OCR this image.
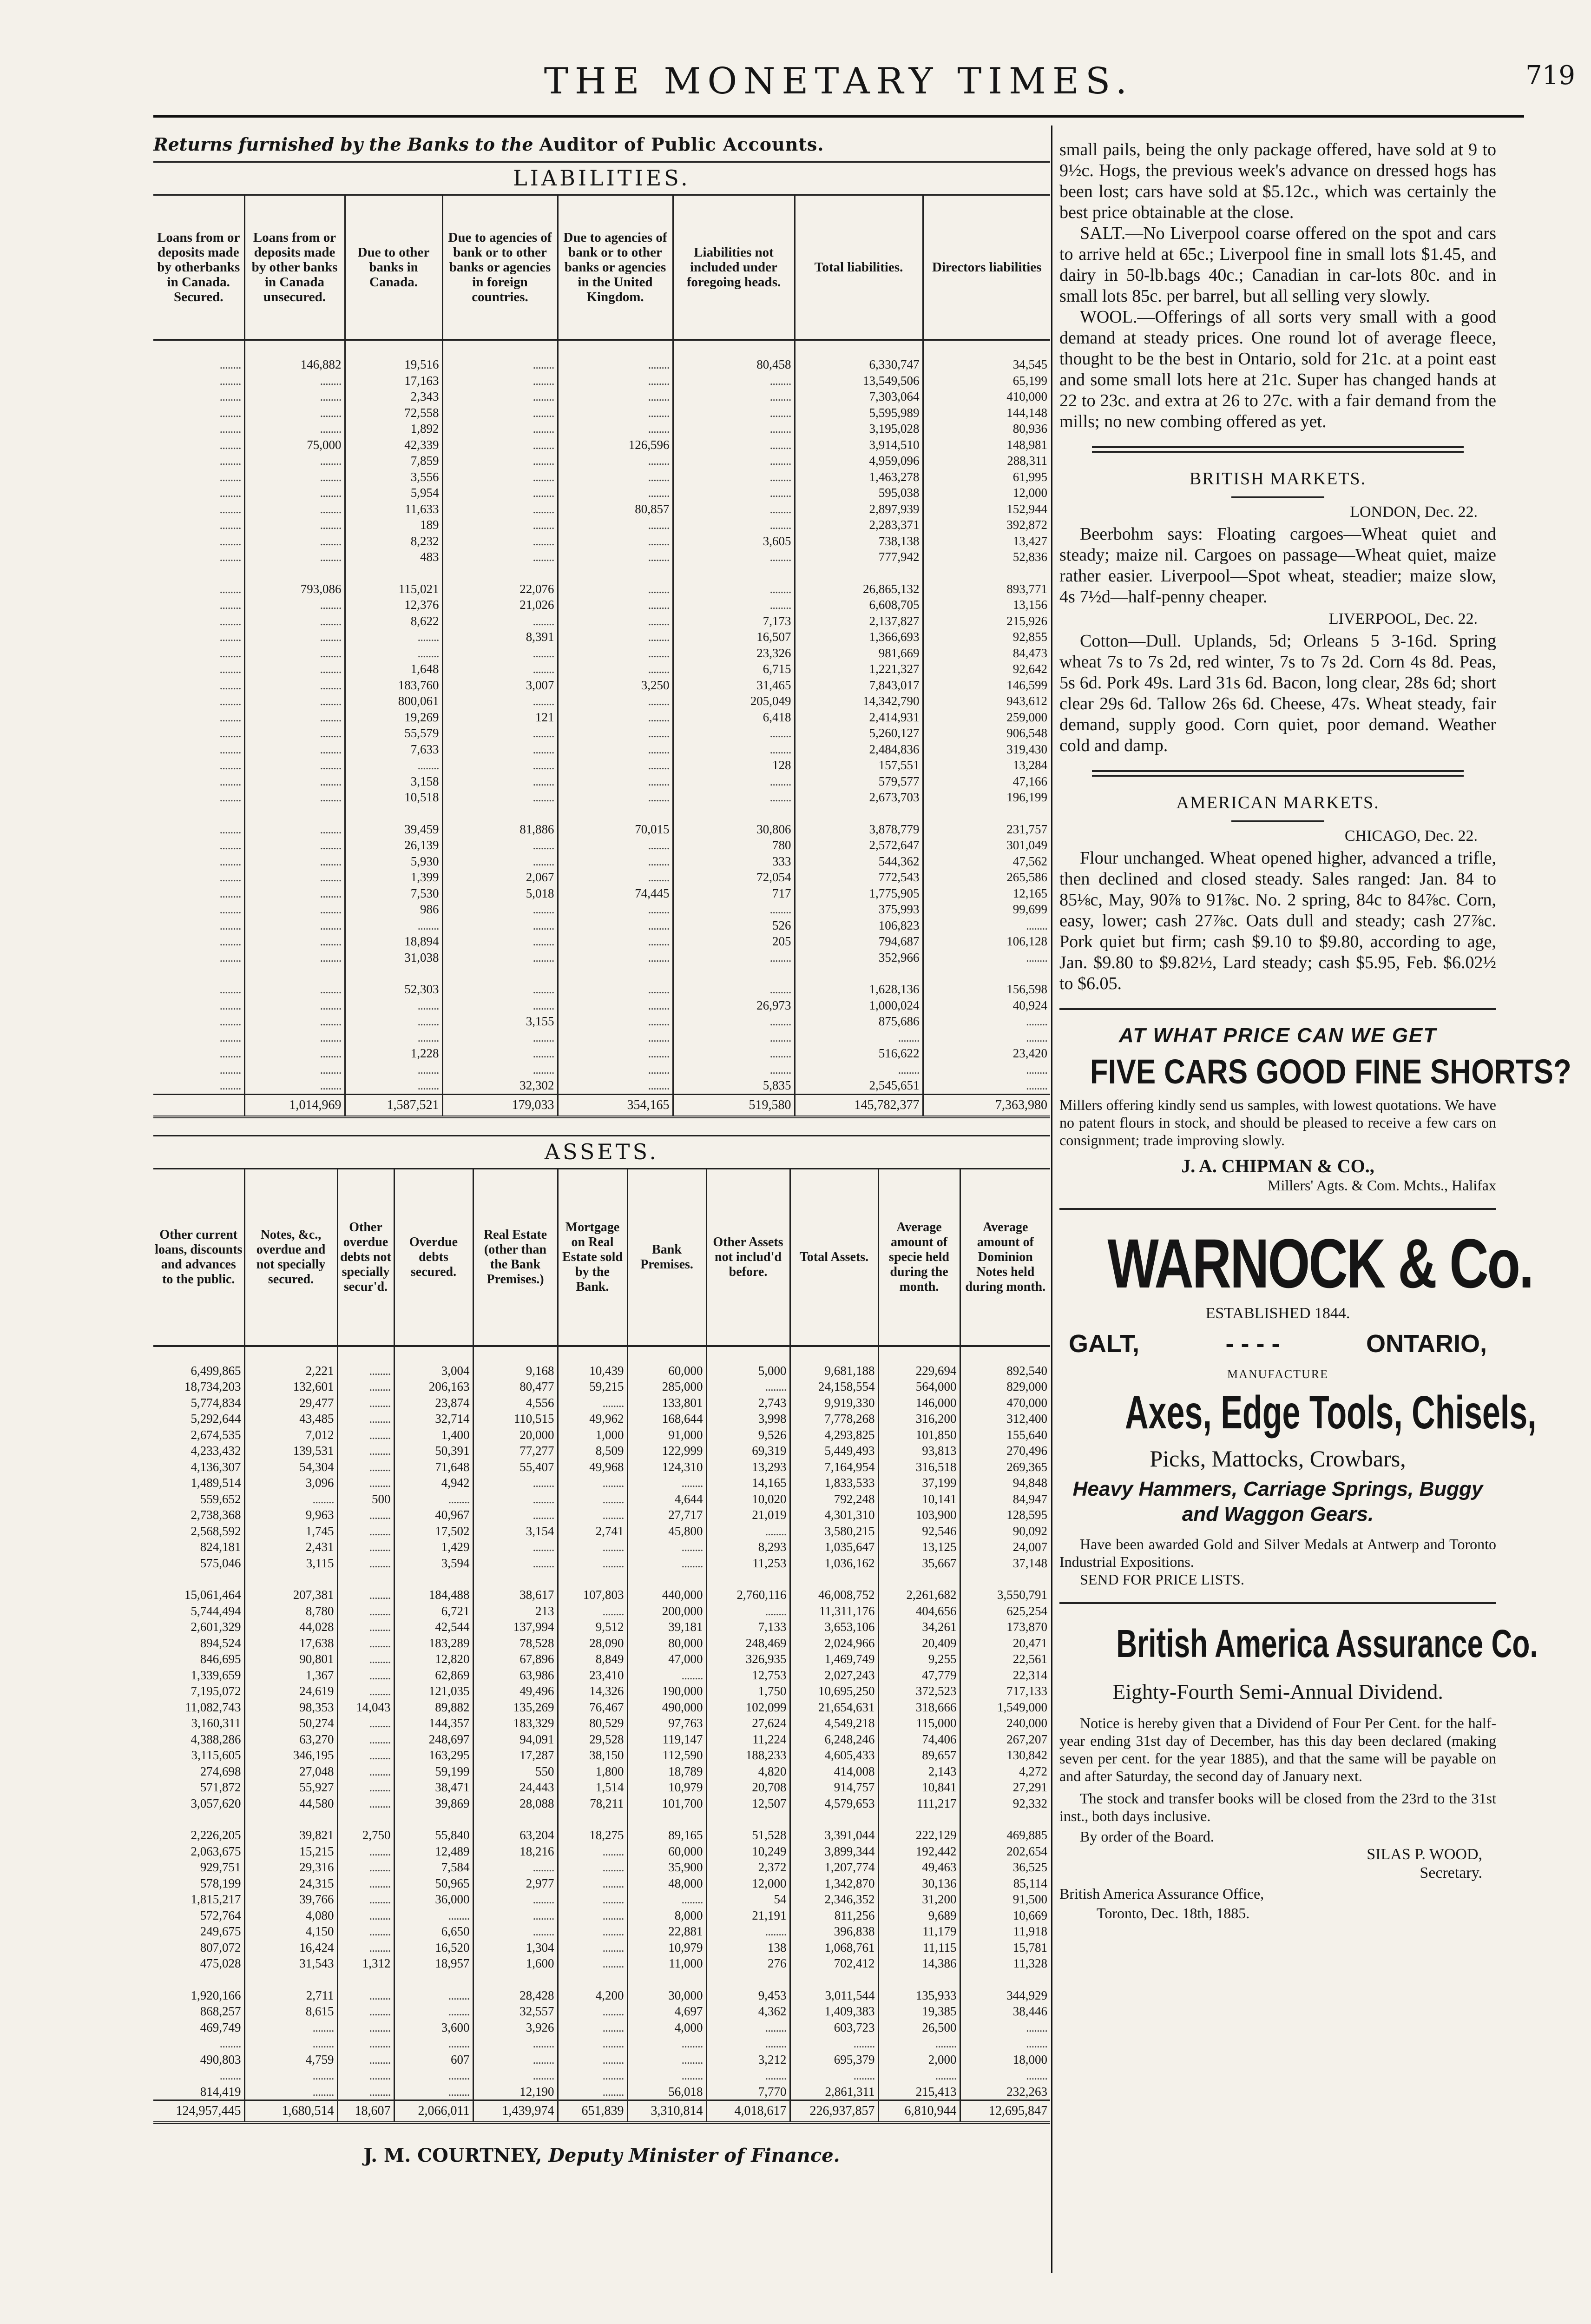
THE MONETARY TIMES.	719
Returns furnished by the Banks to the Auditor of Public Accounts.
LIABILITIES.
Loans from or deposits made by otherbanks in Canada. Secured.	Loans from or deposits made by other banks in Canada unsecured.	Due to other banks in Canada.	Due to agencies of bank or to other banks or agencies in foreign countries.	Due to agencies of bank or to other banks or agencies in the United Kingdom.	Liabilities not included under foregoing heads.	Total liabilities.	Directors liabilities

........	146,882	19,516	........	........	80,458	6,330,747	34,545
........	........	17,163	........	........	........	13,549,506	65,199
........	........	2,343	........	........	........	7,303,064	410,000
........	........	72,558	........	........	........	5,595,989	144,148
........	........	1,892	........	........	........	3,195,028	80,936
........	75,000	42,339	........	126,596	........	3,914,510	148,981
........	........	7,859	........	........	........	4,959,096	288,311
........	........	3,556	........	........	........	1,463,278	61,995
........	........	5,954	........	........	........	595,038	12,000
........	........	11,633	........	80,857	........	2,897,939	152,944
........	........	189	........	........	........	2,283,371	392,872
........	........	8,232	........	........	3,605	738,138	13,427
........	........	483	........	........	........	777,942	52,836

........	793,086	115,021	22,076	........	........	26,865,132	893,771
........	........	12,376	21,026	........	........	6,608,705	13,156
........	........	8,622	........	........	7,173	2,137,827	215,926
........	........	........	8,391	........	16,507	1,366,693	92,855
........	........	........	........	........	23,326	981,669	84,473
........	........	1,648	........	........	6,715	1,221,327	92,642
........	........	183,760	3,007	3,250	31,465	7,843,017	146,599
........	........	800,061	........	........	205,049	14,342,790	943,612
........	........	19,269	121	........	6,418	2,414,931	259,000
........	........	55,579	........	........	........	5,260,127	906,548
........	........	7,633	........	........	........	2,484,836	319,430
........	........	........	........	........	128	157,551	13,284
........	........	3,158	........	........	........	579,577	47,166
........	........	10,518	........	........	........	2,673,703	196,199

........	........	39,459	81,886	70,015	30,806	3,878,779	231,757
........	........	26,139	........	........	780	2,572,647	301,049
........	........	5,930	........	........	333	544,362	47,562
........	........	1,399	2,067	........	72,054	772,543	265,586
........	........	7,530	5,018	74,445	717	1,775,905	12,165
........	........	986	........	........	........	375,993	99,699
........	........	........	........	........	526	106,823	........
........	........	18,894	........	........	205	794,687	106,128
........	........	31,038	........	........	........	352,966	........

........	........	52,303	........	........	........	1,628,136	156,598
........	........	........	........	........	26,973	1,000,024	40,924
........	........	........	3,155	........	........	875,686	........
........	........	........	........	........	........	........	........
........	........	1,228	........	........	........	516,622	23,420
........	........	........	........	........	........	........	........
........	........	........	32,302	........	5,835	2,545,651	........
	1,014,969	1,587,521	179,033	354,165	519,580	145,782,377	7,363,980
ASSETS.
Other current loans, discounts and advances to the public.	Notes, &c., overdue and not specially secured.	Other overdue debts not specially secur'd.	Overdue debts secured.	Real Estate (other than the Bank Premises.)	Mortgage on Real Estate sold by the Bank.	Bank Premises.	Other Assets not includ'd before.	Total Assets.	Average amount of specie held during the month.	Average amount of Dominion Notes held during month.

6,499,865	2,221	........	3,004	9,168	10,439	60,000	5,000	9,681,188	229,694	892,540
18,734,203	132,601	........	206,163	80,477	59,215	285,000	........	24,158,554	564,000	829,000
5,774,834	29,477	........	23,874	4,556	........	133,801	2,743	9,919,330	146,000	470,000
5,292,644	43,485	........	32,714	110,515	49,962	168,644	3,998	7,778,268	316,200	312,400
2,674,535	7,012	........	1,400	20,000	1,000	91,000	9,526	4,293,825	101,850	155,640
4,233,432	139,531	........	50,391	77,277	8,509	122,999	69,319	5,449,493	93,813	270,496
4,136,307	54,304	........	71,648	55,407	49,968	124,310	13,293	7,164,954	316,518	269,365
1,489,514	3,096	........	4,942	........	........	........	14,165	1,833,533	37,199	94,848
559,652	........	500	........	........	........	4,644	10,020	792,248	10,141	84,947
2,738,368	9,963	........	40,967	........	........	27,717	21,019	4,301,310	103,900	128,595
2,568,592	1,745	........	17,502	3,154	2,741	45,800	........	3,580,215	92,546	90,092
824,181	2,431	........	1,429	........	........	........	8,293	1,035,647	13,125	24,007
575,046	3,115	........	3,594	........	........	........	11,253	1,036,162	35,667	37,148

15,061,464	207,381	........	184,488	38,617	107,803	440,000	2,760,116	46,008,752	2,261,682	3,550,791
5,744,494	8,780	........	6,721	213	........	200,000	........	11,311,176	404,656	625,254
2,601,329	44,028	........	42,544	137,994	9,512	39,181	7,133	3,653,106	34,261	173,870
894,524	17,638	........	183,289	78,528	28,090	80,000	248,469	2,024,966	20,409	20,471
846,695	90,801	........	12,820	67,896	8,849	47,000	326,935	1,469,749	9,255	22,561
1,339,659	1,367	........	62,869	63,986	23,410	........	12,753	2,027,243	47,779	22,314
7,195,072	24,619	........	121,035	49,496	14,326	190,000	1,750	10,695,250	372,523	717,133
11,082,743	98,353	14,043	89,882	135,269	76,467	490,000	102,099	21,654,631	318,666	1,549,000
3,160,311	50,274	........	144,357	183,329	80,529	97,763	27,624	4,549,218	115,000	240,000
4,388,286	63,270	........	248,697	94,091	29,528	119,147	11,224	6,248,246	74,406	267,207
3,115,605	346,195	........	163,295	17,287	38,150	112,590	188,233	4,605,433	89,657	130,842
274,698	27,048	........	59,199	550	1,800	18,789	4,820	414,008	2,143	4,272
571,872	55,927	........	38,471	24,443	1,514	10,979	20,708	914,757	10,841	27,291
3,057,620	44,580	........	39,869	28,088	78,211	101,700	12,507	4,579,653	111,217	92,332

2,226,205	39,821	2,750	55,840	63,204	18,275	89,165	51,528	3,391,044	222,129	469,885
2,063,675	15,215	........	12,489	18,216	........	60,000	10,249	3,899,344	192,442	202,654
929,751	29,316	........	7,584	........	........	35,900	2,372	1,207,774	49,463	36,525
578,199	24,315	........	50,965	2,977	........	48,000	12,000	1,342,870	30,136	85,114
1,815,217	39,766	........	36,000	........	........	........	54	2,346,352	31,200	91,500
572,764	4,080	........	........	........	........	8,000	21,191	811,256	9,689	10,669
249,675	4,150	........	6,650	........	........	22,881	........	396,838	11,179	11,918
807,072	16,424	........	16,520	1,304	........	10,979	138	1,068,761	11,115	15,781
475,028	31,543	1,312	18,957	1,600	........	11,000	276	702,412	14,386	11,328

1,920,166	2,711	........	........	28,428	4,200	30,000	9,453	3,011,544	135,933	344,929
868,257	8,615	........	........	32,557	........	4,697	4,362	1,409,383	19,385	38,446
469,749	........	........	3,600	3,926	........	4,000	........	603,723	26,500	........
........	........	........	........	........	........	........	........	........	........	........
490,803	4,759	........	607	........	........	........	3,212	695,379	2,000	18,000
........	........	........	........	........	........	........	........	........	........	........
814,419	........	........	........	12,190	........	56,018	7,770	2,861,311	215,413	232,263
124,957,445	1,680,514	18,607	2,066,011	1,439,974	651,839	3,310,814	4,018,617	226,937,857	6,810,944	12,695,847
J. M. COURTNEY, Deputy Minister of Finance.

small pails, being the only package offered, have sold at 9 to 9½c. Hogs, the previous week's advance on dressed hogs has been lost; cars have sold at $5.12c., which was certainly the best price obtainable at the close.

SALT.—No Liverpool coarse offered on the spot and cars to arrive held at 65c.; Liverpool fine in small lots $1.45, and dairy in 50-lb.bags 40c.; Canadian in car-lots 80c. and in small lots 85c. per barrel, but all selling very slowly.

WOOL.—Offerings of all sorts very small with a good demand at steady prices. One round lot of average fleece, thought to be the best in Ontario, sold for 21c. at a point east and some small lots here at 21c. Super has changed hands at 22 to 23c. and extra at 26 to 27c. with a fair demand from the mills; no new combing offered as yet.

BRITISH MARKETS.
LONDON, Dec. 22.

Beerbohm says: Floating cargoes—Wheat quiet and steady; maize nil. Cargoes on passage—Wheat quiet, maize rather easier. Liverpool—Spot wheat, steadier; maize slow, 4s 7½d—half-penny cheaper.

LIVERPOOL, Dec. 22.

Cotton—Dull. Uplands, 5d; Orleans 5 3-16d. Spring wheat 7s to 7s 2d, red winter, 7s to 7s 2d. Corn 4s 8d. Peas, 5s 6d. Pork 49s. Lard 31s 6d. Bacon, long clear, 28s 6d; short clear 29s 6d. Tallow 26s 6d. Cheese, 47s. Wheat steady, fair demand, supply good. Corn quiet, poor demand. Weather cold and damp.

AMERICAN MARKETS.
CHICAGO, Dec. 22.

Flour unchanged. Wheat opened higher, advanced a trifle, then declined and closed steady. Sales ranged: Jan. 84 to 85⅛c, May, 90⅞ to 91⅞c. No. 2 spring, 84c to 84⅞c. Corn, easy, lower; cash 27⅞c. Oats dull and steady; cash 27⅞c. Pork quiet but firm; cash $9.10 to $9.80, according to age, Jan. $9.80 to $9.82½, Lard steady; cash $5.95, Feb. $6.02½ to $6.05.

AT WHAT PRICE CAN WE GET
FIVE CARS GOOD FINE SHORTS?

Millers offering kindly send us samples, with lowest quotations. We have no patent flours in stock, and should be pleased to receive a few cars on consignment; trade improving slowly.

J. A. CHIPMAN & CO.,

Millers' Agts. & Com. Mchts., Halifax

WARNOCK & Co.

ESTABLISHED 1844.

GALT,	- - - -	ONTARIO,

MANUFACTURE

Axes, Edge Tools, Chisels,
Picks, Mattocks, Crowbars,
Heavy Hammers, Carriage Springs, Buggy and Waggon Gears.

Have been awarded Gold and Silver Medals at Antwerp and Toronto Industrial Expositions.

SEND FOR PRICE LISTS.

British America Assurance Co.
Eighty-Fourth Semi-Annual Dividend.

Notice is hereby given that a Dividend of Four Per Cent. for the half-year ending 31st day of December, has this day been declared (making seven per cent. for the year 1885), and that the same will be payable on and after Saturday, the second day of January next.

The stock and transfer books will be closed from the 23rd to the 31st inst., both days inclusive.

By order of the Board.

SILAS P. WOOD,
Secretary.
British America Assurance Office,
Toronto, Dec. 18th, 1885.
